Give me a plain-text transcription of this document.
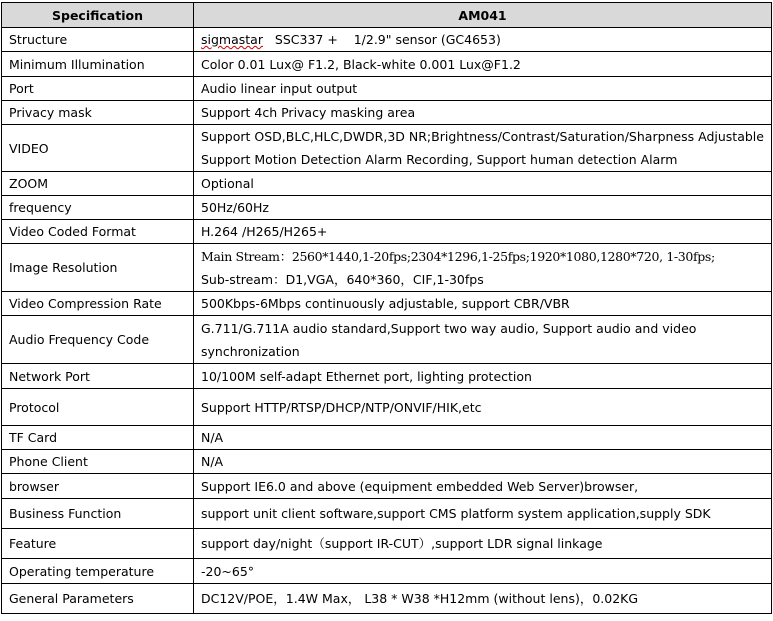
Specification	AM041
Structure	sigmastar   SSC337 +    1/2.9" sensor (GC4653)
Minimum Illumination	Color 0.01 Lux@ F1.2, Black-white 0.001 Lux@F1.2
Port	Audio linear input output
Privacy mask	Support 4ch Privacy masking area
VIDEO	Support OSD,BLC,HLC,DWDR,3D NR;Brightness/Contrast/Saturation/Sharpness Adjustable
Support Motion Detection Alarm Recording, Support human detection Alarm

ZOOM	Optional
frequency	50Hz/60Hz
Video Coded Format	H.264 /H265/H265+
Image Resolution	Main Stream：2560*1440,1-20fps;2304*1296,1-25fps;1920*1080,1280*720, 1-30fps;
Sub-stream：D1,VGA，640*360，CIF,1-30fps

Video Compression Rate	500Kbps-6Mbps continuously adjustable, support CBR/VBR
Audio Frequency Code	G.711/G.711A audio standard,Support two way audio, Support audio and video
synchronization

Network Port	10/100M self-adapt Ethernet port, lighting protection
Protocol	Support HTTP/RTSP/DHCP/NTP/ONVIF/HIK,etc
TF Card	N/A
Phone Client	N/A
browser	Support IE6.0 and above (equipment embedded Web Server)browser,
Business Function	support unit client software,support CMS platform system application,supply SDK
Feature	support day/night（support IR-CUT）,support LDR signal linkage
Operating temperature	-20~65°
General Parameters	DC12V/POE，1.4W Max， L38 * W38 *H12mm (without lens)，0.02KG
